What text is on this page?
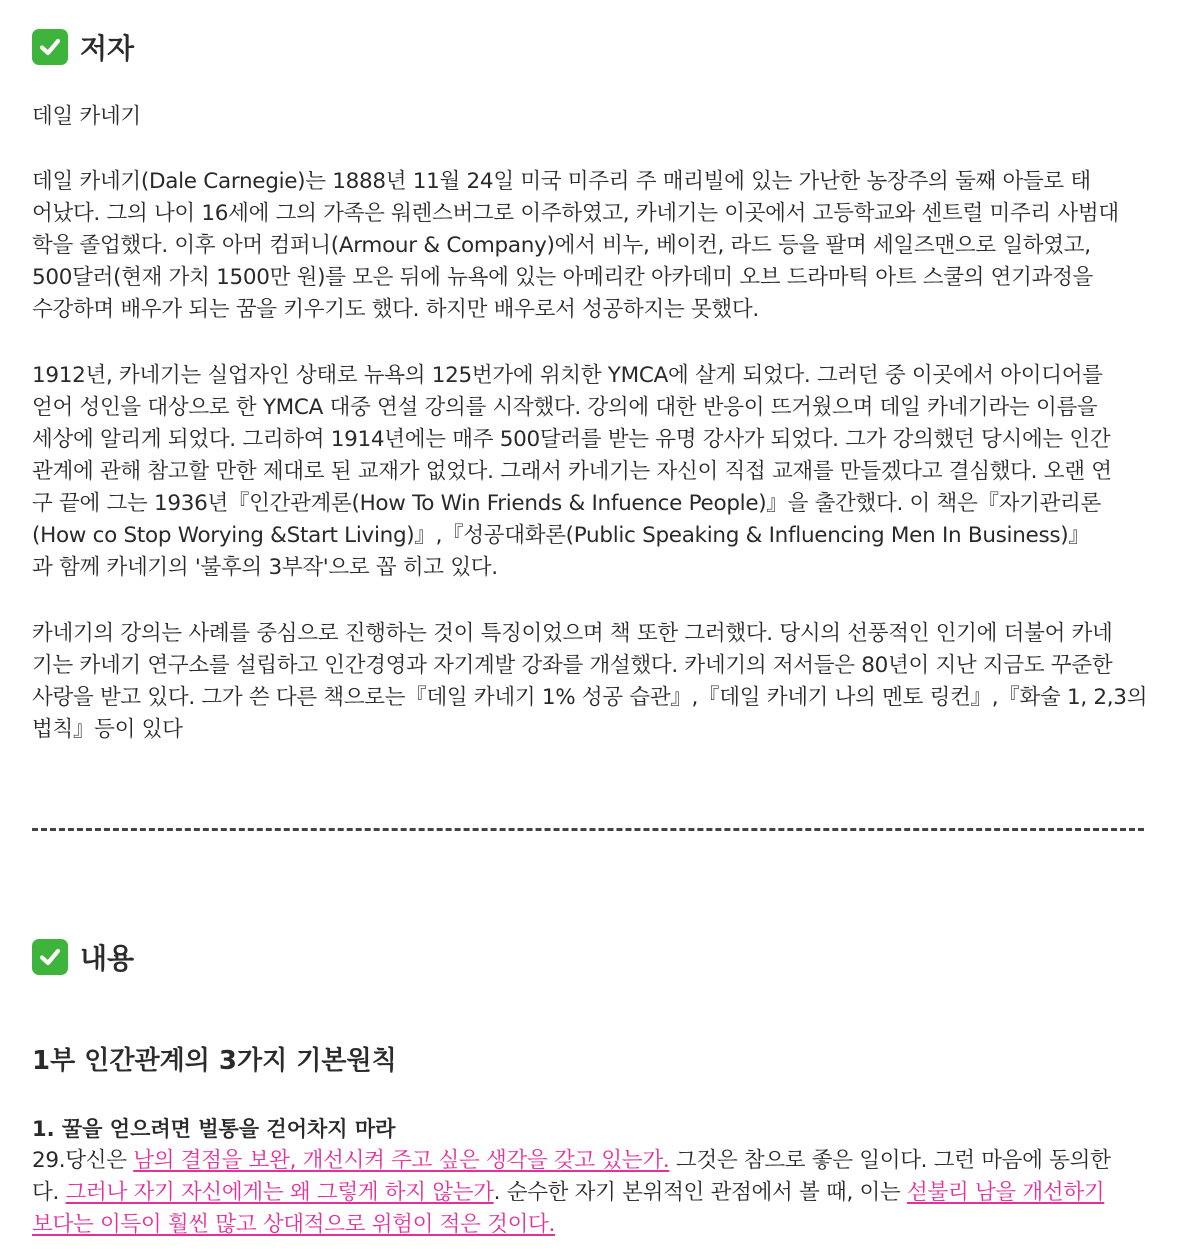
저자
데일 카네기
데일 카네기(Dale Carnegie)는 1888년 11월 24일 미국 미주리 주 매리빌에 있는 가난한 농장주의 둘째 아들로 태
어났다. 그의 나이 16세에 그의 가족은 워렌스버그로 이주하였고, 카네기는 이곳에서 고등학교와 센트럴 미주리 사범대
학을 졸업했다. 이후 아머 컴퍼니(Armour & Company)에서 비누, 베이컨, 라드 등을 팔며 세일즈맨으로 일하였고,
500달러(현재 가치 1500만 원)를 모은 뒤에 뉴욕에 있는 아메리칸 아카데미 오브 드라마틱 아트 스쿨의 연기과정을
수강하며 배우가 되는 꿈을 키우기도 했다. 하지만 배우로서 성공하지는 못했다.
1912년, 카네기는 실업자인 상태로 뉴욕의 125번가에 위치한 YMCA에 살게 되었다. 그러던 중 이곳에서 아이디어를
얻어 성인을 대상으로 한 YMCA 대중 연설 강의를 시작했다. 강의에 대한 반응이 뜨거웠으며 데일 카네기라는 이름을
세상에 알리게 되었다. 그리하여 1914년에는 매주 500달러를 받는 유명 강사가 되었다. 그가 강의했던 당시에는 인간
관계에 관해 참고할 만한 제대로 된 교재가 없었다. 그래서 카네기는 자신이 직접 교재를 만들겠다고 결심했다. 오랜 연
구 끝에 그는 1936년『인간관계론(How To Win Friends & Infuence People)』을 출간했다. 이 책은『자기관리론
(How co Stop Worying &Start Living)』,『성공대화론(Public Speaking & Influencing Men In Business)』
과 함께 카네기의 '불후의 3부작'으로 꼽 히고 있다.
카네기의 강의는 사례를 중심으로 진행하는 것이 특징이었으며 책 또한 그러했다. 당시의 선풍적인 인기에 더불어 카네
기는 카네기 연구소를 설립하고 인간경영과 자기계발 강좌를 개설했다. 카네기의 저서들은 80년이 지난 지금도 꾸준한
사랑을 받고 있다. 그가 쓴 다른 책으로는『데일 카네기 1% 성공 습관』,『데일 카네기 나의 멘토 링컨』,『화술 1, 2,3의
법칙』등이 있다
내용
1부 인간관계의 3가지 기본원칙
1. 꿀을 얻으려면 벌통을 걷어차지 마라
29.당신은 남의 결점을 보완, 개선시켜 주고 싶은 생각을 갖고 있는가. 그것은 참으로 좋은 일이다. 그런 마음에 동의한
다. 그러나 자기 자신에게는 왜 그렇게 하지 않는가. 순수한 자기 본위적인 관점에서 볼 때, 이는 섣불리 남을 개선하기
보다는 이득이 훨씬 많고 상대적으로 위험이 적은 것이다.
